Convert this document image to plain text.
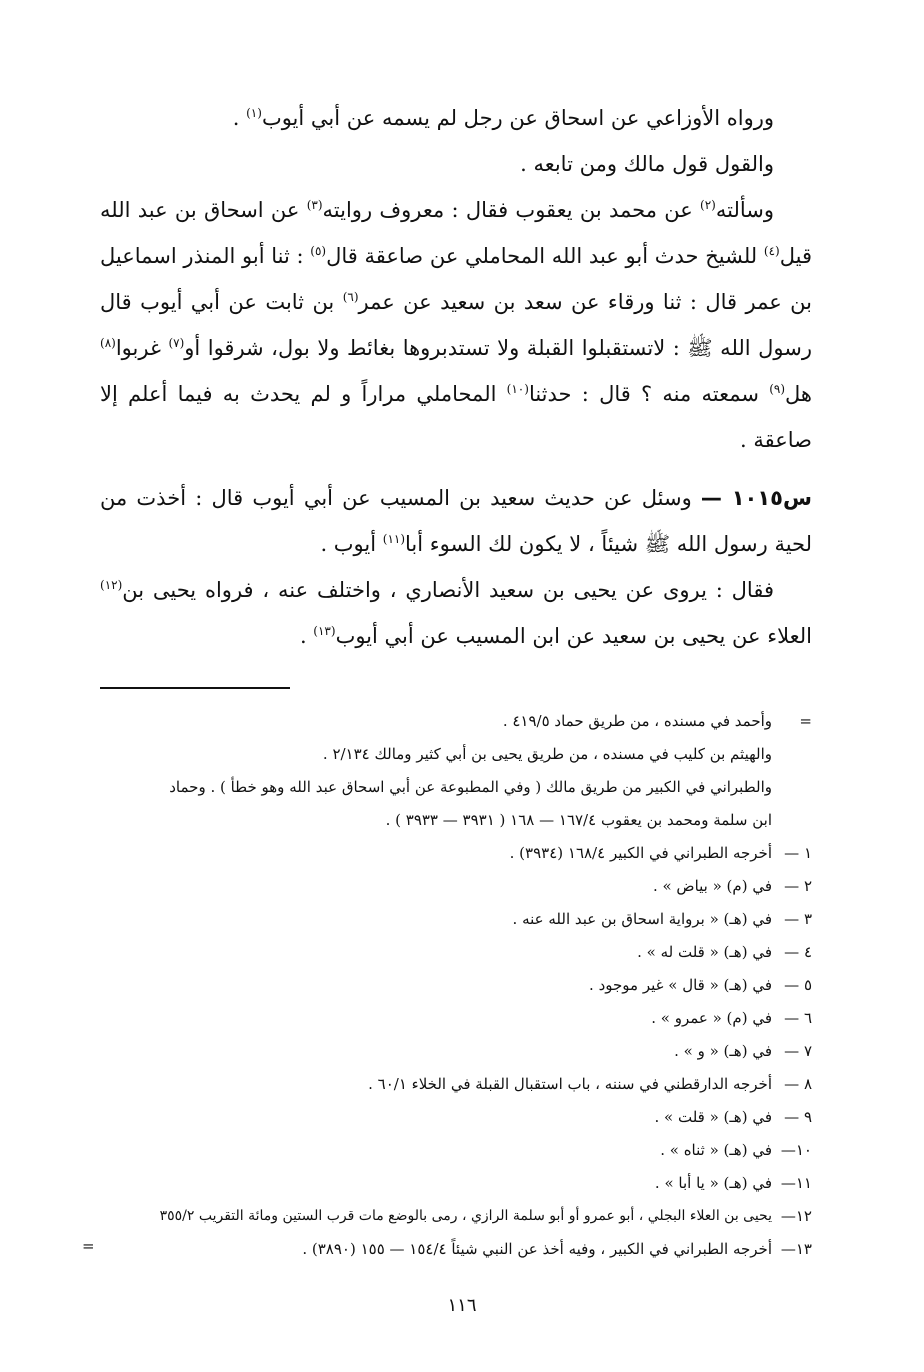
ورواه الأوزاعي عن اسحاق عن رجل لم يسمه عن أبي أيوب$^{(١)}$ .

والقول قول مالك ومن تابعه .

وسألته$^{(٢)}$ عن محمد بن يعقوب فقال : معروف روايته$^{(٣)}$ عن اسحاق بن عبد الله قيل$^{(٤)}$ للشيخ حدث أبو عبد الله المحاملي عن صاعقة قال$^{(٥)}$ : ثنا أبو المنذر اسماعيل بن عمر قال : ثنا ورقاء عن سعد بن سعيد عن عمر$^{(٦)}$ بن ثابت عن أبي أيوب قال رسول الله ﷺ : لاتستقبلوا القبلة ولا تستدبروها بغائط ولا بول، شرقوا أو$^{(٧)}$ غربوا$^{(٨)}$ هل$^{(٩)}$ سمعته منه ؟ قال : حدثنا$^{(١٠)}$ المحاملي مراراً و لم يحدث به فيما أعلم إلا صاعقة .

س١٠١٥ — وسئل عن حديث سعيد بن المسيب عن أبي أيوب قال : أخذت من لحية رسول الله ﷺ شيئاً ، لا يكون لك السوء أبا$^{(١١)}$ أيوب .

فقال : يروى عن يحيى بن سعيد الأنصاري ، واختلف عنه ، فرواه يحيى بن$^{(١٢)}$ العلاء عن يحيى بن سعيد عن ابن المسيب عن أبي أيوب$^{(١٣)}$ .

=
وأحمد في مسنده ، من طريق حماد ٤١٩/٥ .
والهيثم بن كليب في مسنده ، من طريق يحيى بن أبي كثير ومالك ٢/١٣٤ .
والطبراني في الكبير من طريق مالك ( وفي المطبوعة عن أبي اسحاق عبد الله وهو خطأ ) . وحماد
ابن سلمة ومحمد بن يعقوب ١٦٧/٤ — ١٦٨ ( ٣٩٣١ — ٣٩٣٣ ) .
١ —
أخرجه الطبراني في الكبير ١٦٨/٤ (٣٩٣٤) .
٢ —
في (م) « بياض » .
٣ —
في (هـ) « برواية اسحاق بن عبد الله عنه .
٤ —
في (هـ) « قلت له » .
٥ —
في (هـ) « قال » غير موجود .
٦ —
في (م) « عمرو » .
٧ —
في (هـ) « و » .
٨ —
أخرجه الدارقطني في سننه ، باب استقبال القبلة في الخلاء ٦٠/١ .
٩ —
في (هـ) « قلت » .
١٠—
في (هـ) « ثناه » .
١١—
في (هـ) « يا أبا » .
١٢—
يحيى بن العلاء البجلي ، أبو عمرو أو أبو سلمة الرازي ، رمى بالوضع مات قرب الستين ومائة التقريب ٣٥٥/٢
١٣—
أخرجه الطبراني في الكبير ، وفيه أخذ عن النبي شيئاً ١٥٤/٤ — ١٥٥ (٣٨٩٠) .
=
١١٦
